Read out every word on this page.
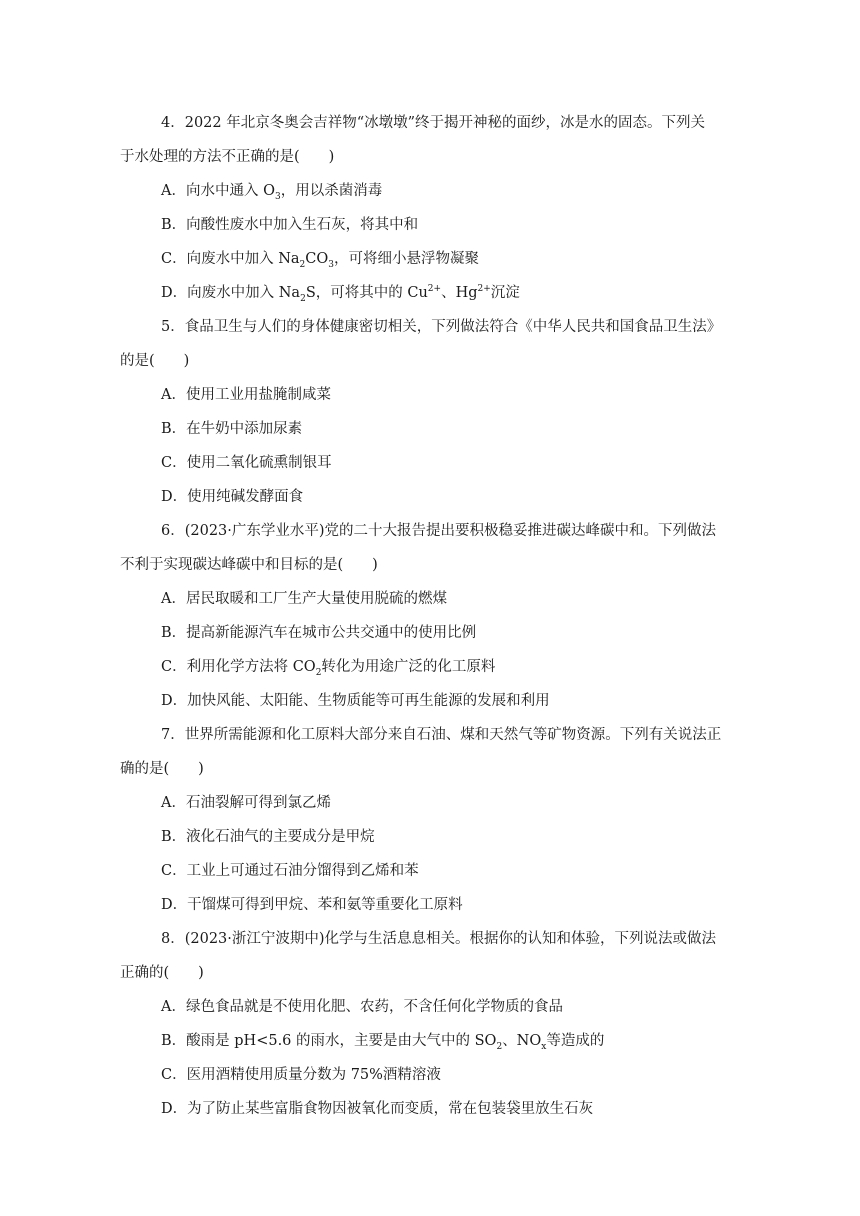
4．2022 年北京冬奥会吉祥物“冰墩墩”终于揭开神秘的面纱，冰是水的固态。下列关
于水处理的方法不正确的是(　　)
A．向水中通入 $O_3$，用以杀菌消毒
B．向酸性废水中加入生石灰，将其中和
C．向废水中加入 $Na_2CO_3$，可将细小悬浮物凝聚
D．向废水中加入 $Na_2S$，可将其中的 $Cu^{2+}$、$Hg^{2+}$沉淀
5．食品卫生与人们的身体健康密切相关，下列做法符合《中华人民共和国食品卫生法》
的是(　　)
A．使用工业用盐腌制咸菜
B．在牛奶中添加尿素
C．使用二氧化硫熏制银耳
D．使用纯碱发酵面食
6．(2023·广东学业水平)党的二十大报告提出要积极稳妥推进碳达峰碳中和。下列做法
不利于实现碳达峰碳中和目标的是(　　)
A．居民取暖和工厂生产大量使用脱硫的燃煤
B．提高新能源汽车在城市公共交通中的使用比例
C．利用化学方法将 $CO_2$转化为用途广泛的化工原料
D．加快风能、太阳能、生物质能等可再生能源的发展和利用
7．世界所需能源和化工原料大部分来自石油、煤和天然气等矿物资源。下列有关说法正
确的是(　　)
A．石油裂解可得到氯乙烯
B．液化石油气的主要成分是甲烷
C．工业上可通过石油分馏得到乙烯和苯
D．干馏煤可得到甲烷、苯和氨等重要化工原料
8．(2023·浙江宁波期中)化学与生活息息相关。根据你的认知和体验，下列说法或做法
正确的(　　)
A．绿色食品就是不使用化肥、农药，不含任何化学物质的食品
B．酸雨是 pH<5.6 的雨水，主要是由大气中的 $SO_2$、$NO_x$等造成的
C．医用酒精使用质量分数为 75%酒精溶液
D．为了防止某些富脂食物因被氧化而变质，常在包装袋里放生石灰
